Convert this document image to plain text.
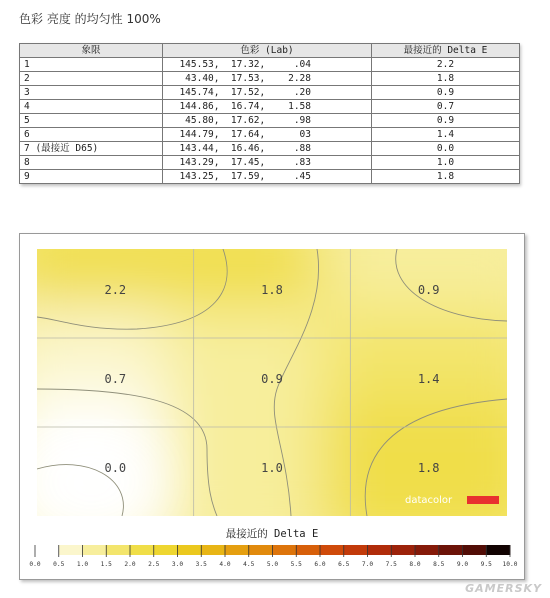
色彩 亮度 的均匀性 100%
象限	色彩 (Lab)	最接近的 Delta E
1	145.53,  17.32,     .04	2.2
2	43.40,  17.53,    2.28	1.8
3	145.74,  17.52,     .20	0.9
4	144.86,  16.74,    1.58	0.7
5	45.80,  17.62,     .98	0.9
6	144.79,  17.64,      03	1.4
7 (最接近 D65)	143.44,  16.46,     .88	0.0
8	143.29,  17.45,     .83	1.0
9	143.25,  17.59,     .45	1.8
2.2	1.8	0.9
0.7	0.9	1.4
0.0	1.0	1.8
datacolor
最接近的 Delta E
0.0 0.5 1.0 1.5 2.0 2.5 3.0 3.5 4.0 4.5 5.0 5.5 6.0 6.5 7.0 7.5 8.0 8.5 9.0 9.5 10.0
GAMERSKY
